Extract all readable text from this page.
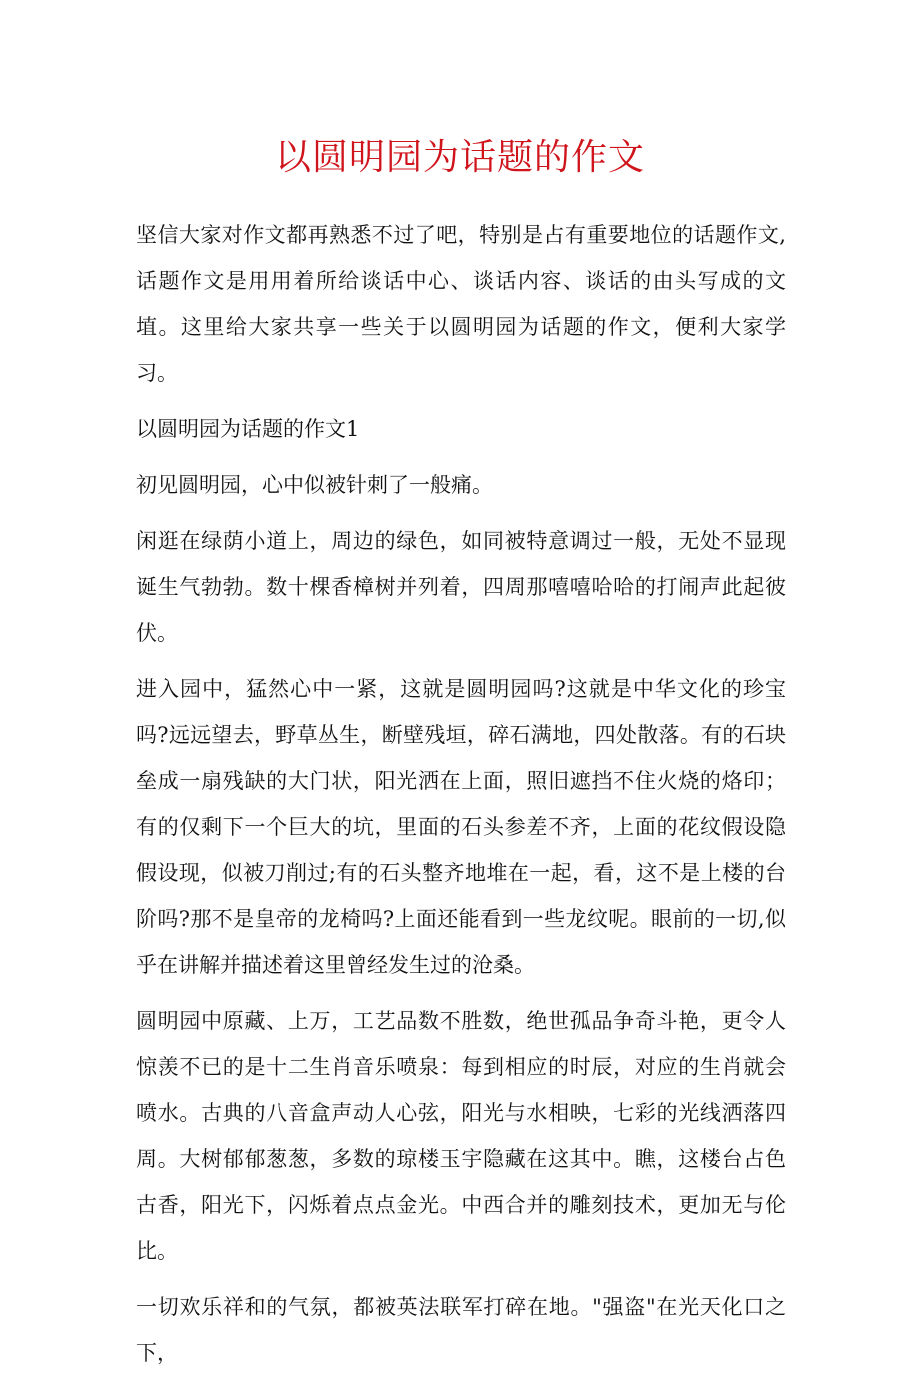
以圆明园为话题的作文

坚信大家对作文都再熟悉不过了吧，特别是占有重要地位的话题作文,话题作文是用用着所给谈话中心、谈话内容、谈话的由头写成的文埴。这里给大家共享一些关于以圆明园为话题的作文，便利大家学习。

以圆明园为话题的作文1

初见圆明园，心中似被针刺了一般痛。

闲逛在绿荫小道上，周边的绿色，如同被特意调过一般，无处不显现诞生气勃勃。数十棵香樟树并列着，四周那嘻嘻哈哈的打闹声此起彼伏。

进入园中，猛然心中一紧，这就是圆明园吗?这就是中华文化的珍宝吗?远远望去，野草丛生，断壁残垣，碎石满地，四处散落。有的石块垒成一扇残缺的大门状，阳光洒在上面，照旧遮挡不住火烧的烙印；有的仅剩下一个巨大的坑，里面的石头参差不齐，上面的花纹假设隐假设现，似被刀削过;有的石头整齐地堆在一起，看，这不是上楼的台阶吗?那不是皇帝的龙椅吗?上面还能看到一些龙纹呢。眼前的一切,似乎在讲解并描述着这里曾经发生过的沧桑。

圆明园中原藏、上万，工艺品数不胜数，绝世孤品争奇斗艳，更令人惊羡不已的是十二生肖音乐喷泉：每到相应的时辰，对应的生肖就会喷水。古典的八音盒声动人心弦，阳光与水相映，七彩的光线洒落四周。大树郁郁葱葱，多数的琼楼玉宇隐藏在这其中。瞧，这楼台占色古香，阳光下，闪烁着点点金光。中西合并的雕刻技术，更加无与伦比。

一切欢乐祥和的气氛，都被英法联军打碎在地。"强盗"在光天化口之下，
